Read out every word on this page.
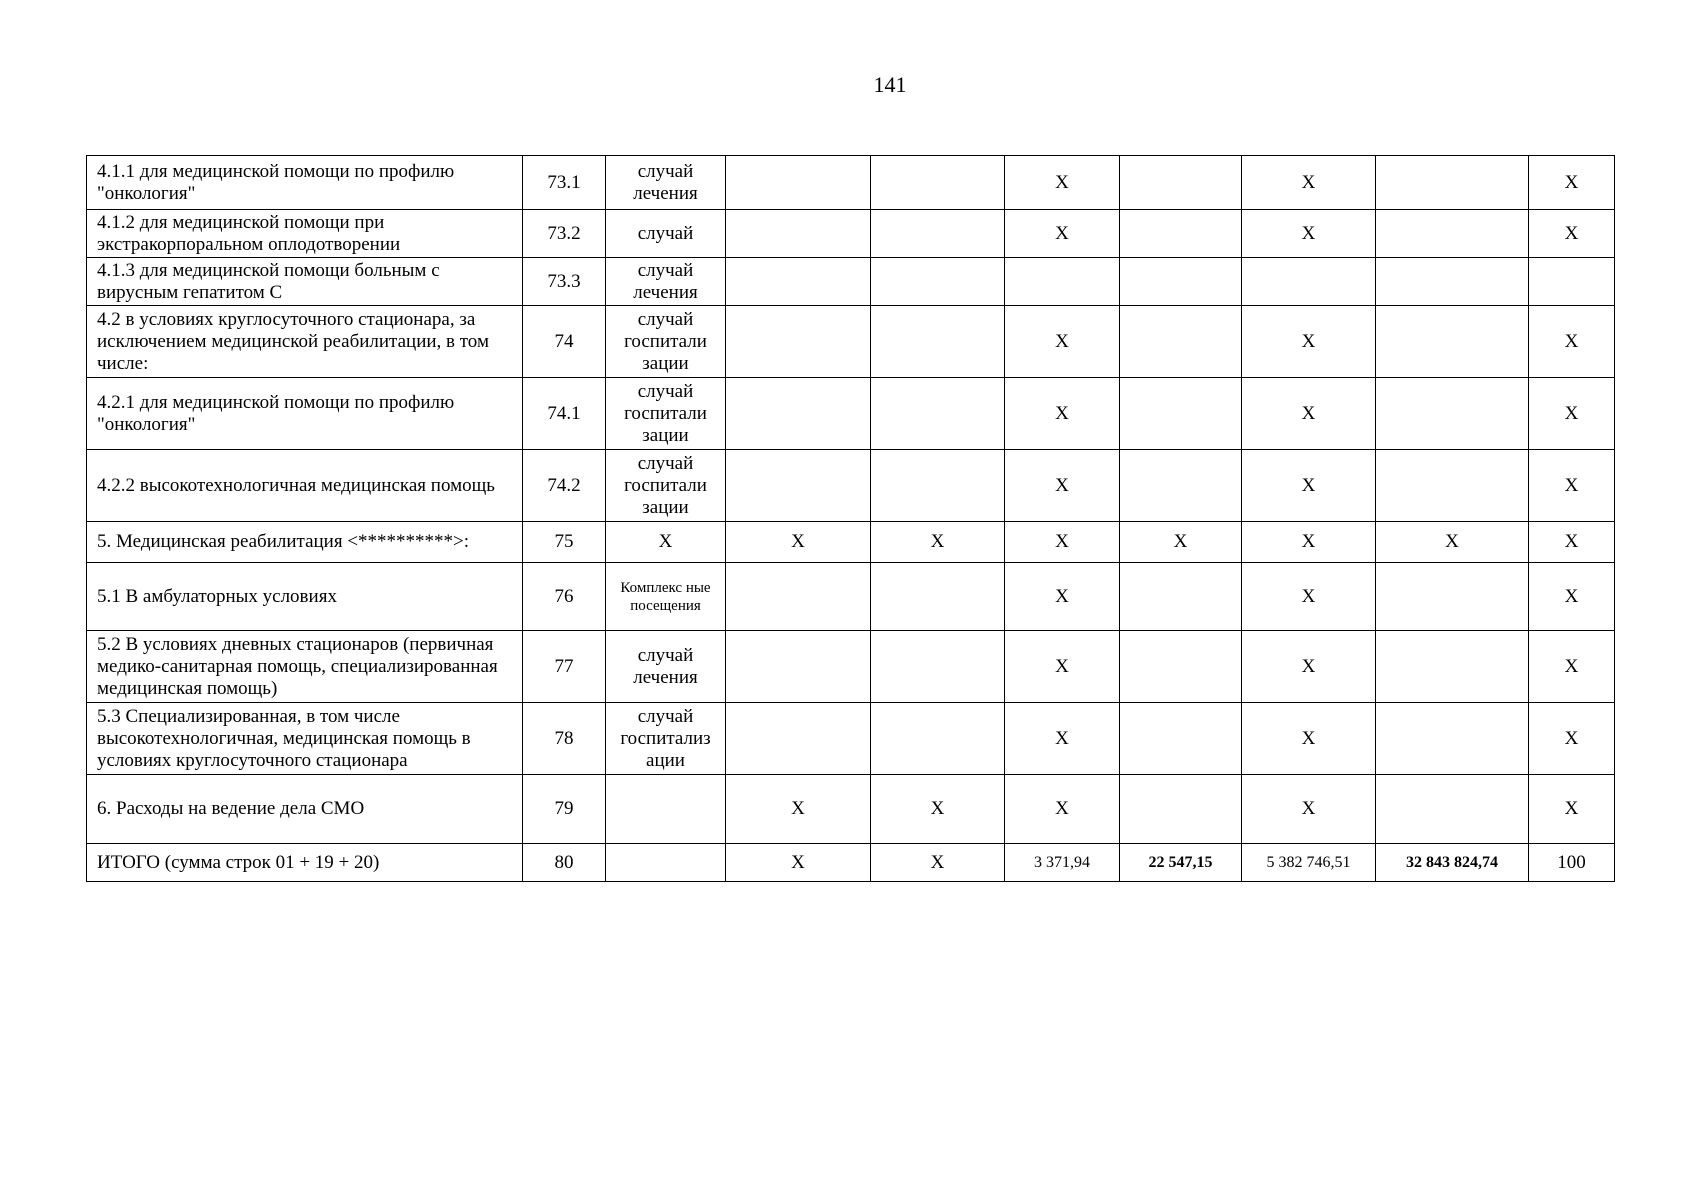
141
4.1.1 для медицинской помощи по профилю "онкология"	73.1	случай лечения			X		X		X
4.1.2 для медицинской помощи при экстракорпоральном оплодотворении	73.2	случай			X		X		X
4.1.3 для медицинской помощи больным с вирусным гепатитом С	73.3	случай лечения							
4.2 в условиях круглосуточного стационара, за исключением медицинской реабилитации, в том числе:	74	случай госпитали зации			X		X		X
4.2.1 для медицинской помощи по профилю "онкология"	74.1	случай госпитали зации			X		X		X
4.2.2 высокотехнологичная медицинская помощь	74.2	случай госпитали зации			X		X		X
5. Медицинская реабилитация <**********>:	75	X	X	X	X	X	X	X	X
5.1 В амбулаторных условиях	76	Комплекс ные посещения			X		X		X
5.2 В условиях дневных стационаров (первичная медико-санитарная помощь, специализированная медицинская помощь)	77	случай лечения			X		X		X
5.3 Специализированная, в том числе высокотехнологичная, медицинская помощь в условиях круглосуточного стационара	78	случай госпитализ ации			X		X		X
6. Расходы на ведение дела СМО	79		X	X	X		X		X
ИТОГО (сумма строк 01 + 19 + 20)	80		X	X	3 371,94	22 547,15	5 382 746,51	32 843 824,74	100
